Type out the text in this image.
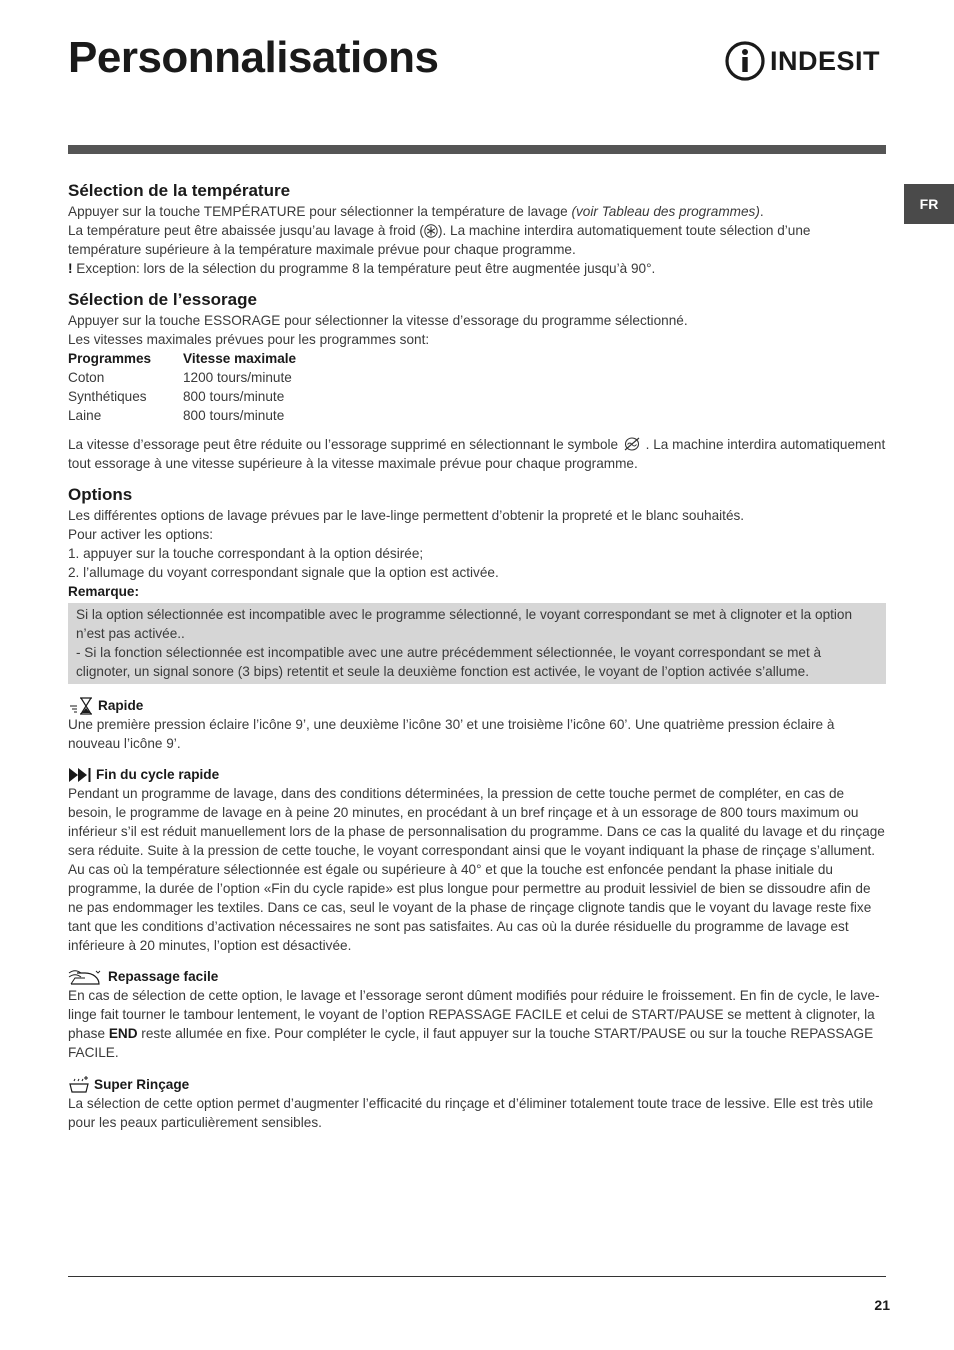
Personnalisations	INDESIT
FR
Sélection de la température

Appuyer sur la touche TEMPÉRATURE pour sélectionner la température de lavage (voir Tableau des programmes).

La température peut être abaissée jusqu’au lavage à froid ( ). La machine interdira automatiquement toute sélection d’une température supérieure à la température maximale prévue pour chaque programme.

! Exception: lors de la sélection du programme 8 la température peut être augmentée jusqu’à 90°.

Sélection de l’essorage

Appuyer sur la touche ESSORAGE pour sélectionner la vitesse d’essorage du programme sélectionné.

Les vitesses maximales prévues pour les programmes sont:

Programmes	Vitesse maximale
Coton	1200 tours/minute
Synthétiques	800 tours/minute
Laine	800 tours/minute

La vitesse d’essorage peut être réduite ou l’essorage supprimé en sélectionnant le symbole  . La machine interdira automatiquement tout essorage à une vitesse supérieure à la vitesse maximale prévue pour chaque programme.

Options

Les différentes options de lavage prévues par le lave-linge permettent d’obtenir la propreté et le blanc souhaités.

Pour activer les options:

1. appuyer sur la touche correspondant à la option désirée;

2. l’allumage du voyant correspondant signale que la option est activée.

Remarque:

Si la option sélectionnée est incompatible avec le programme sélectionné, le voyant correspondant se met à clignoter et la option n’est pas activée..

- Si la fonction sélectionnée est incompatible avec une autre précédemment sélectionnée, le voyant correspondant se met à clignoter, un signal sonore (3 bips) retentit et seule la deuxième fonction est activée, le voyant de l’option activée s’allume.

Rapide

Une première pression éclaire l’icône 9’, une deuxième l’icône 30’ et une troisième l’icône 60’. Une quatrième pression éclaire à nouveau l’icône 9’.

Fin du cycle rapide

Pendant un programme de lavage, dans des conditions déterminées, la pression de cette touche permet de compléter, en cas de besoin, le programme de lavage en à peine 20 minutes, en procédant à un bref rinçage et à un essorage de 800 tours maximum ou inférieur s’il est réduit manuellement lors de la phase de personnalisation du programme. Dans ce cas la qualité du lavage et du rinçage sera réduite. Suite à la pression de cette touche, le voyant correspondant ainsi que le voyant indiquant la phase de rinçage s’allument. Au cas où la température sélectionnée est égale ou supérieure à 40° et que la touche est enfoncée pendant la phase initiale du programme, la durée de l’option «Fin du cycle rapide» est plus longue pour permettre au produit lessiviel de bien se dissoudre afin de ne pas endommager les textiles. Dans ce cas, seul le voyant de la phase de rinçage clignote tandis que le voyant du lavage reste fixe tant que les conditions d’activation nécessaires ne sont pas satisfaites. Au cas où la durée résiduelle du programme de lavage est inférieure à 20 minutes, l’option est désactivée.

Repassage facile

En cas de sélection de cette option, le lavage et l’essorage seront dûment modifiés pour réduire le froissement. En fin de cycle, le lave-linge fait tourner le tambour lentement, le voyant de l’option REPASSAGE FACILE et celui de START/PAUSE se mettent à clignoter, la phase END reste allumée en fixe. Pour compléter le cycle, il faut appuyer sur la touche START/PAUSE ou sur la touche REPASSAGE FACILE.

Super Rinçage

La sélection de cette option permet d’augmenter l’efficacité du rinçage et d’éliminer totalement toute trace de lessive. Elle est très utile pour les peaux particulièrement sensibles.

21
